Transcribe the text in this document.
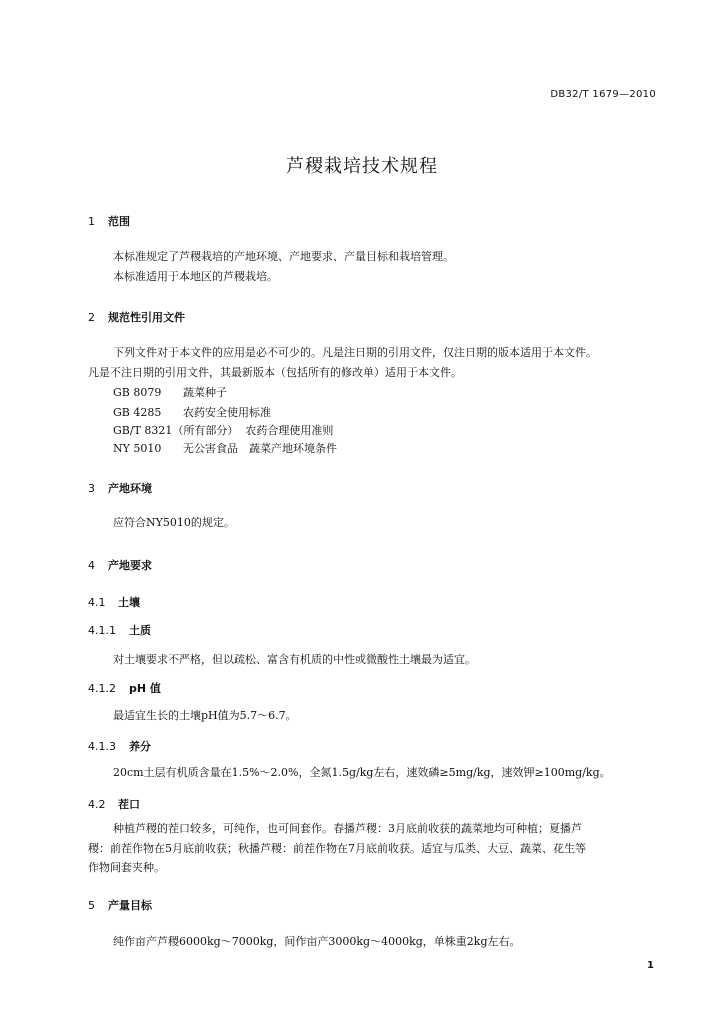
DB32/T 1679—2010
芦稷栽培技术规程
1 范围
本标准规定了芦稷栽培的产地环境、产地要求、产量目标和栽培管理。
本标准适用于本地区的芦稷栽培。
2 规范性引用文件
下列文件对于本文件的应用是必不可少的。凡是注日期的引用文件，仅注日期的版本适用于本文件。
凡是不注日期的引用文件，其最新版本（包括所有的修改单）适用于本文件。
GB 8079 蔬菜种子
GB 4285 农药安全使用标准
GB/T 8321（所有部分） 农药合理使用准则
NY 5010 无公害食品　蔬菜产地环境条件
3 产地环境
应符合NY5010的规定。
4 产地要求
4.1 土壤
4.1.1 土质
对土壤要求不严格，但以疏松、富含有机质的中性或微酸性土壤最为适宜。
4.1.2 pH 值
最适宜生长的土壤pH值为5.7～6.7。
4.1.3 养分
20cm土层有机质含量在1.5%～2.0%，全氮1.5g/kg左右，速效磷≥5mg/kg，速效钾≥100mg/kg。
4.2 茬口
种植芦稷的茬口较多，可纯作，也可间套作。春播芦稷：3月底前收获的蔬菜地均可种植；夏播芦
稷：前茬作物在5月底前收获；秋播芦稷：前茬作物在7月底前收获。适宜与瓜类、大豆、蔬菜、花生等
作物间套夹种。
5 产量目标
纯作亩产芦稷6000kg～7000kg，间作亩产3000kg～4000kg，单株重2kg左右。
1
